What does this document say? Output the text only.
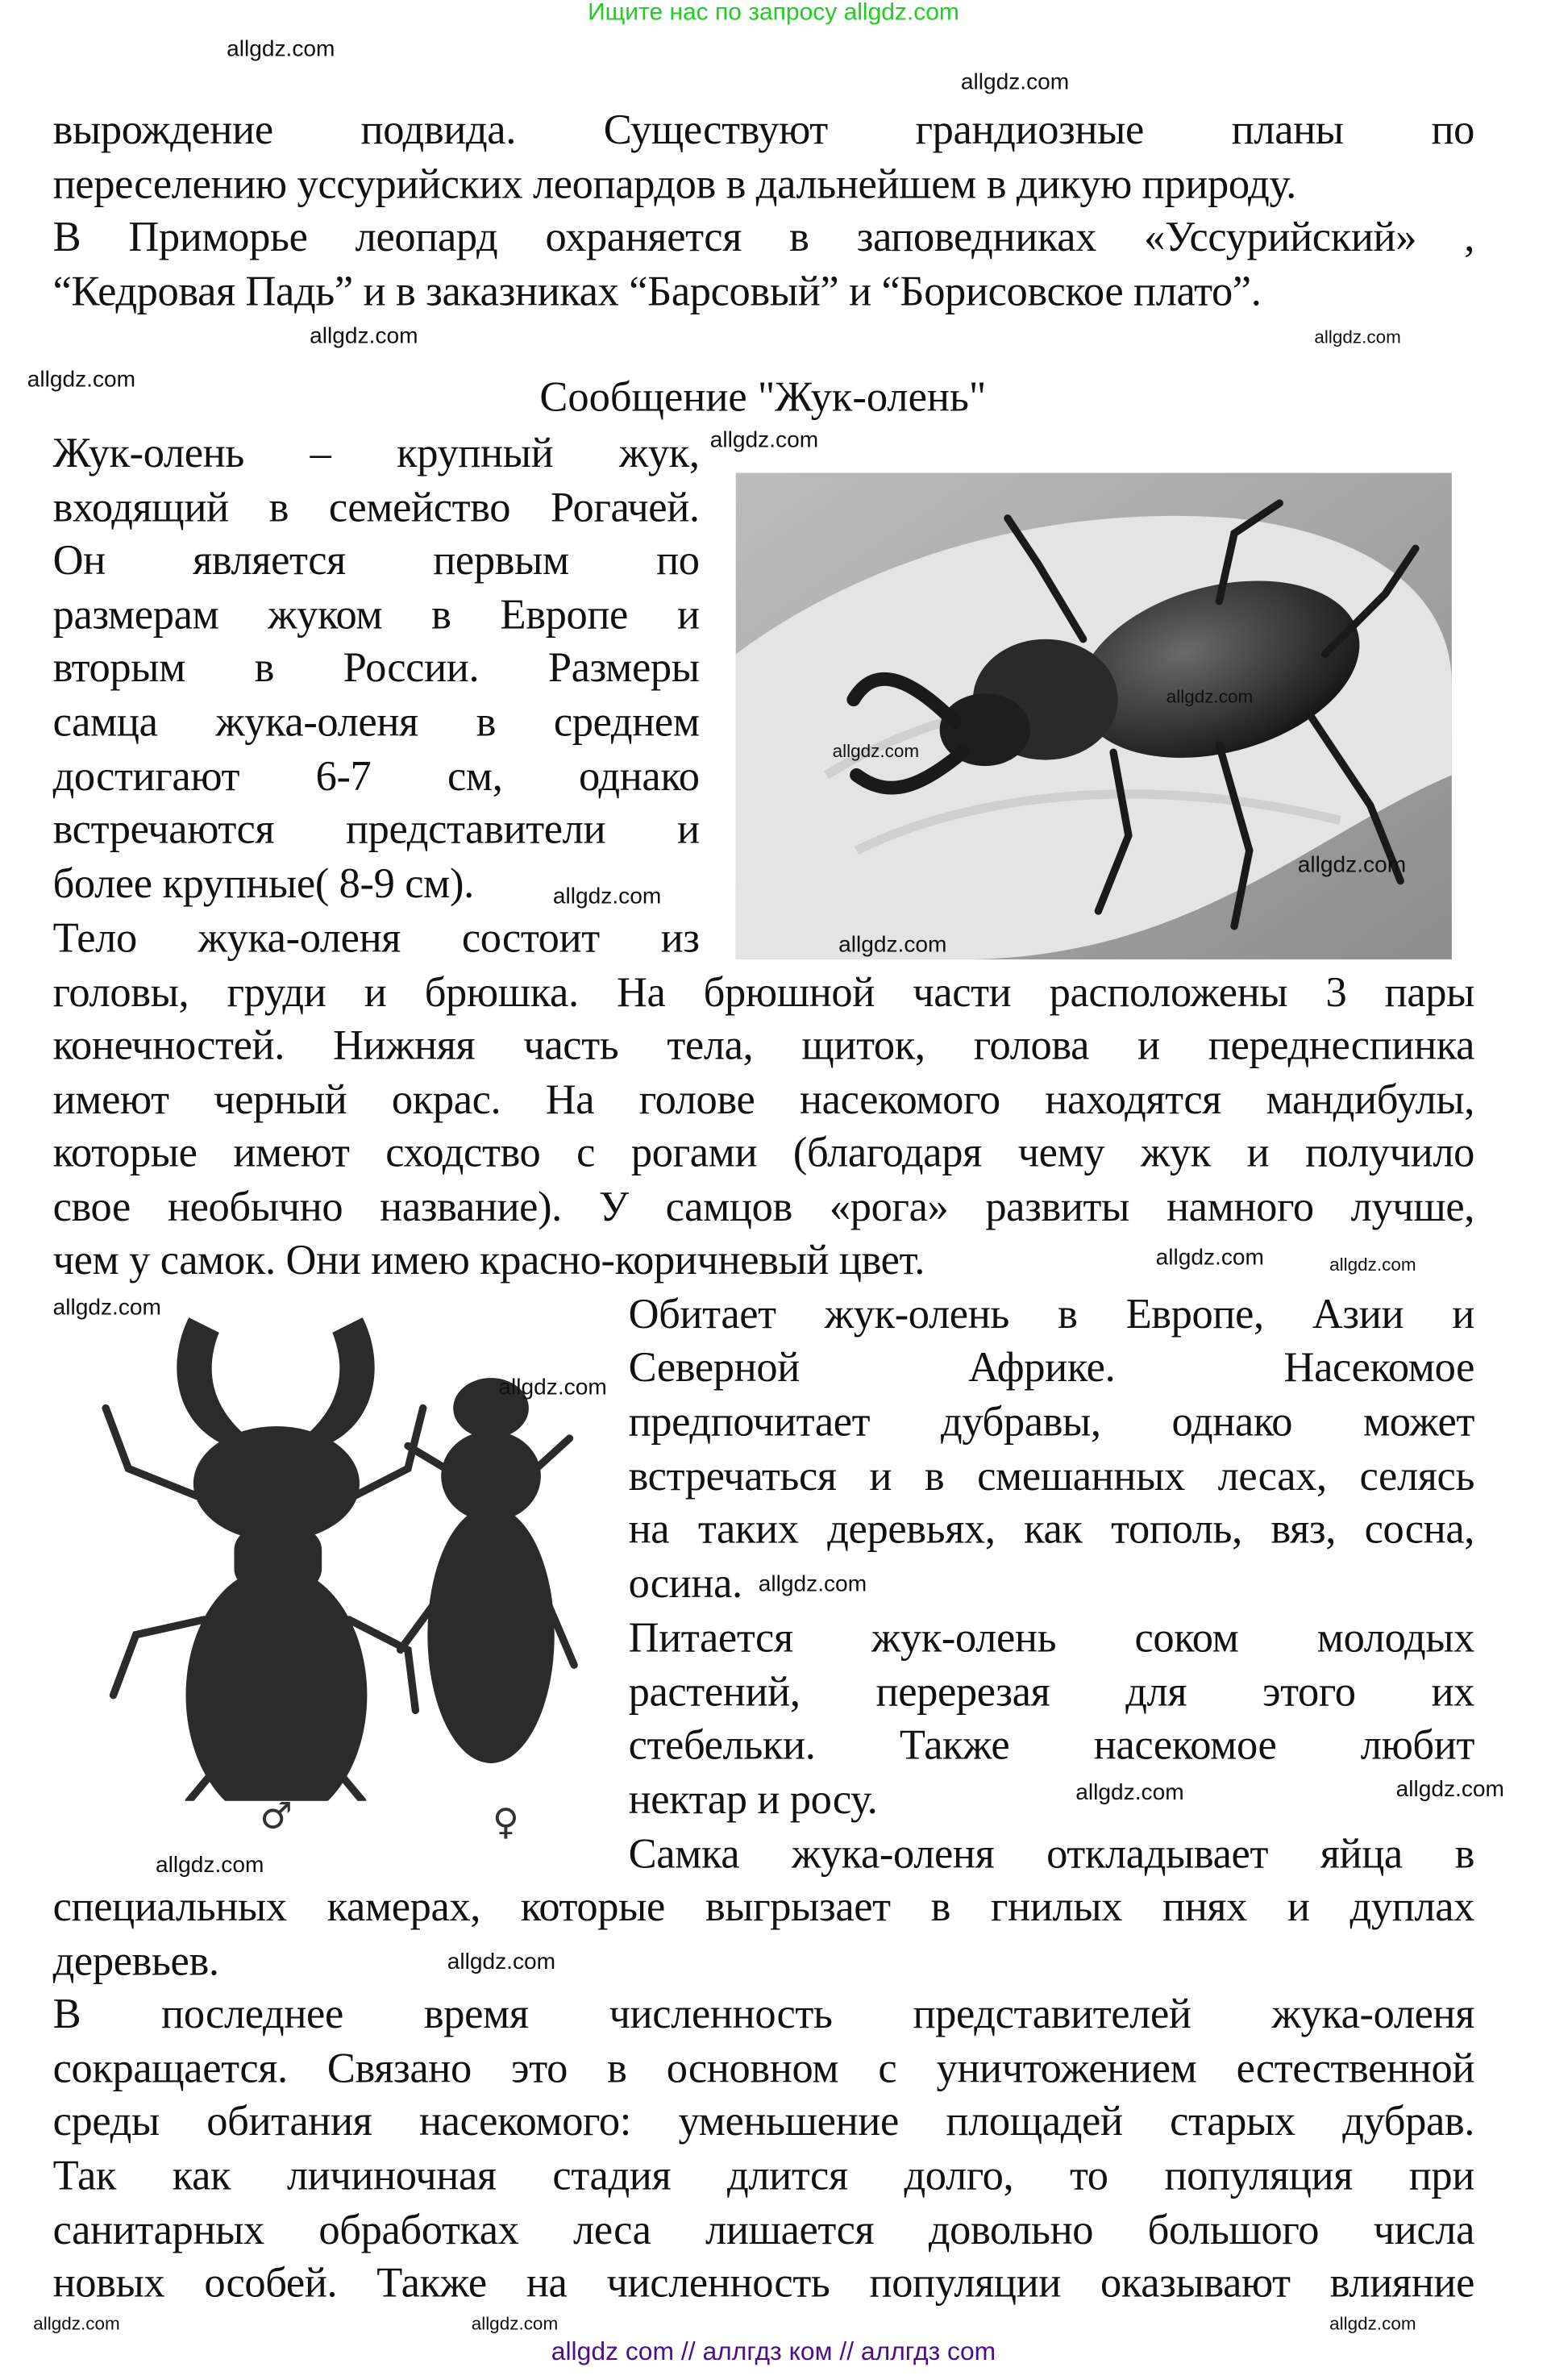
Ищите нас по запросу allgdz.com
вырождение подвида. Существуют грандиозные планы по
переселению уссурийских леопардов в дальнейшем в дикую природу.
В Приморье леопард охраняется в заповедниках «Уссурийский» ,
“Кедровая Падь” и в заказниках “Барсовый” и “Борисовское плато”.
Жук-олень – крупный жук,
входящий в семейство Рогачей.
Он является первым по
размерам жуком в Европе и
вторым в России. Размеры
самца жука-оленя в среднем
достигают 6-7 см, однако
встречаются представители и
более крупные( 8-9 см).
Тело жука-оленя состоит из
головы, груди и брюшка. На брюшной части расположены 3 пары
конечностей. Нижняя часть тела, щиток, голова и переднеспинка
имеют черный окрас. На голове насекомого находятся мандибулы,
которые имеют сходство с рогами (благодаря чему жук и получило
свое необычно название). У самцов «рога» развиты намного лучше,
чем у самок. Они имею красно-коричневый цвет.
Обитает жук-олень в Европе, Азии и
Северной Африке. Насекомое
предпочитает дубравы, однако может
встречаться и в смешанных лесах, селясь
на таких деревьях, как тополь, вяз, сосна,
осина.
Питается жук-олень соком молодых
растений, перерезая для этого их
стебельки. Также насекомое любит
нектар и росу.
Самка жука-оленя откладывает яйца в
специальных камерах, которые выгрызает в гнилых пнях и дуплах
деревьев.
В последнее время численность представителей жука-оленя
сокращается. Связано это в основном с уничтожением естественной
среды обитания насекомого: уменьшение площадей старых дубрав.
Так как личиночная стадия длится долго, то популяция при
санитарных обработках леса лишается довольно большого числа
новых особей. Также на численность популяции оказывают влияние
Сообщение "Жук-олень"
♂	♀
allgdz.com
allgdz.com
allgdz.com
allgdz.com
allgdz.com
allgdz.com
allgdz.com
allgdz.com
allgdz.com
allgdz.com
allgdz.com
allgdz.com
allgdz.com
allgdz.com
allgdz.com
allgdz.com
allgdz.com
allgdz.com
allgdz.com
allgdz.com
allgdz.com	allgdz.com
allgdz.com
allgdz com // аллгдз ком // аллгдз com
